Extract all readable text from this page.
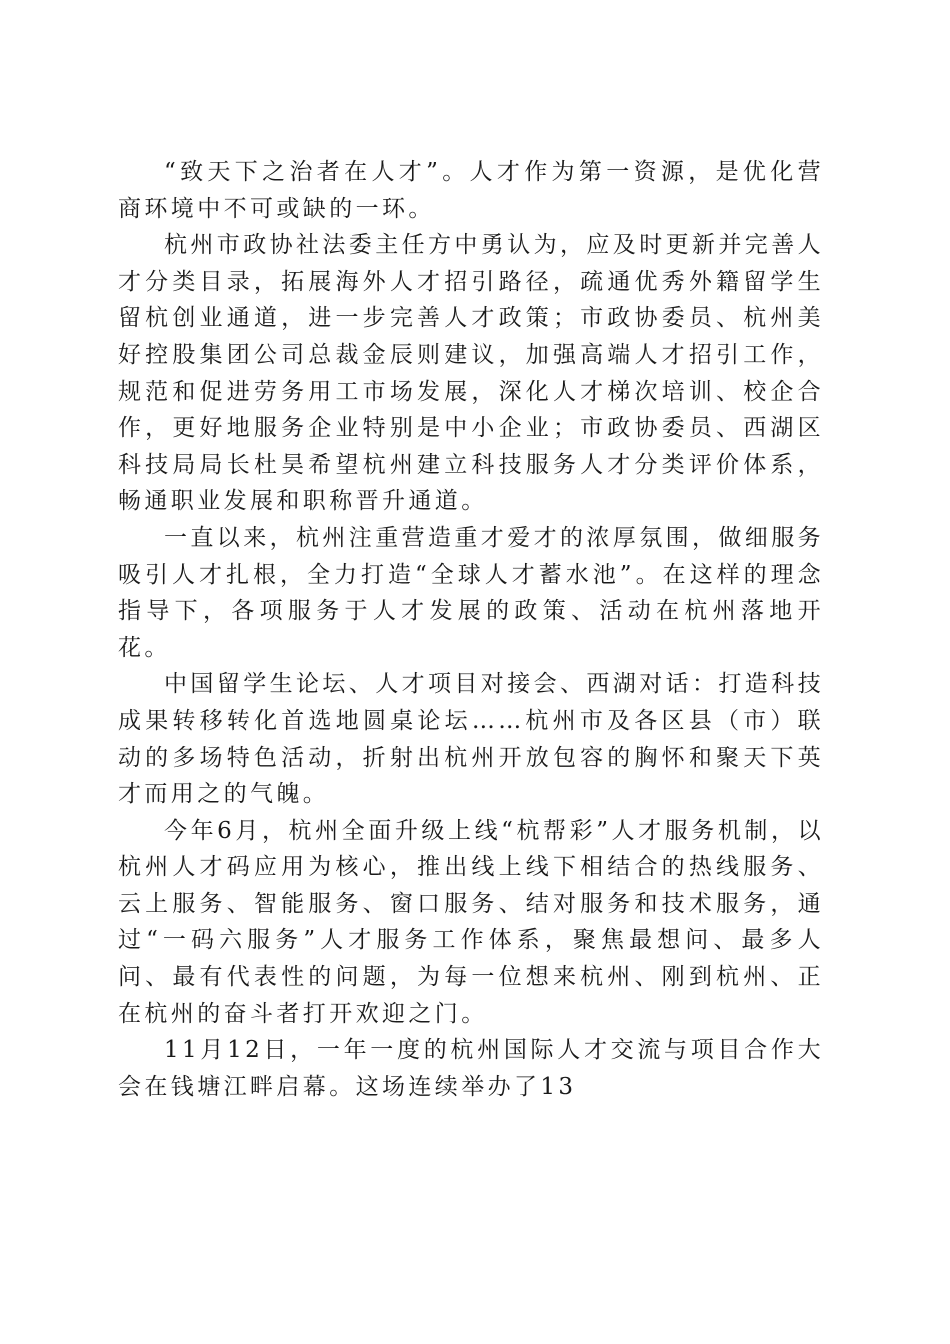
“致天下之治者在人才”。人才作为第一资源，是优化营商环境中不可或缺的一环。

杭州市政协社法委主任方中勇认为，应及时更新并完善人才分类目录，拓展海外人才招引路径，疏通优秀外籍留学生留杭创业通道，进一步完善人才政策；市政协委员、杭州美好控股集团公司总裁金辰则建议，加强高端人才招引工作，规范和促进劳务用工市场发展，深化人才梯次培训、校企合作，更好地服务企业特别是中小企业；市政协委员、西湖区科技局局长杜昊希望杭州建立科技服务人才分类评价体系，畅通职业发展和职称晋升通道。

一直以来，杭州注重营造重才爱才的浓厚氛围，做细服务吸引人才扎根，全力打造“全球人才蓄水池”。在这样的理念指导下，各项服务于人才发展的政策、活动在杭州落地开花。

中国留学生论坛、人才项目对接会、西湖对话：打造科技成果转移转化首选地圆桌论坛……杭州市及各区县（市）联动的多场特色活动，折射出杭州开放包容的胸怀和聚天下英才而用之的气魄。

今年6月，杭州全面升级上线“杭帮彩”人才服务机制，以杭州人才码应用为核心，推出线上线下相结合的热线服务、云上服务、智能服务、窗口服务、结对服务和技术服务，通过“一码六服务”人才服务工作体系，聚焦最想问、最多人问、最有代表性的问题，为每一位想来杭州、刚到杭州、正在杭州的奋斗者打开欢迎之门。

11月12日，一年一度的杭州国际人才交流与项目合作大会在钱塘江畔启幕。这场连续举办了13
